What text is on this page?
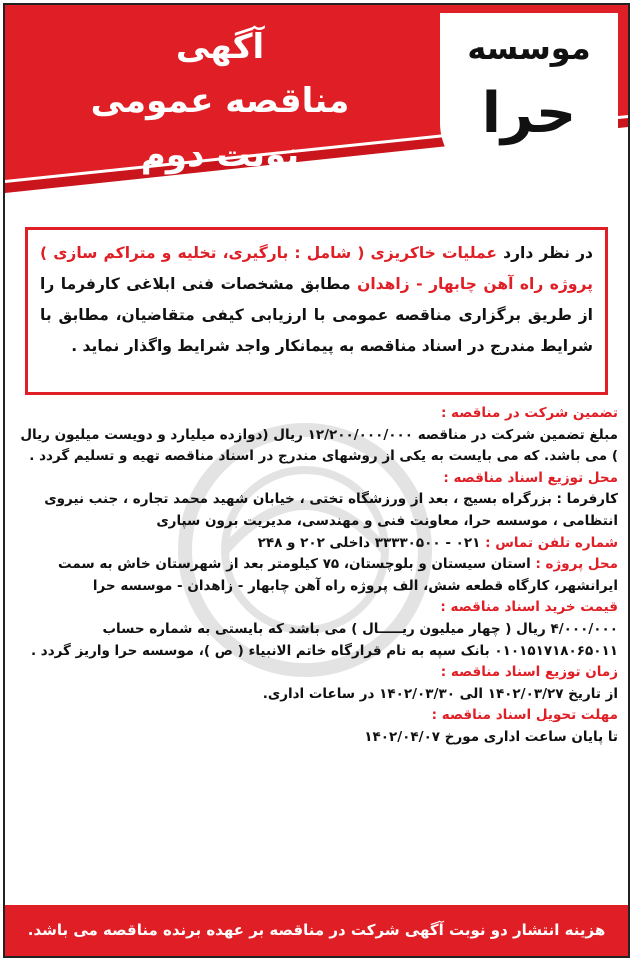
آگهی
مناقصه عمومی
نوبت دوم
موسسه
حرا
در نظر دارد عملیات خاکریزی ( شامل : بارگیری، تخلیه و متراکم سازی ) پروژه راه آهن چابهار - زاهدان مطابق مشخصات فنی ابلاغی کارفرما را از طریق برگزاری مناقصه عمومی با ارزیابی کیفی متقاضیان، مطابق با شرایط مندرج در اسناد مناقصه به پیمانکار واجد شرایط واگذار نماید .

تضمین شرکت در مناقصه :

مبلغ تضمین شرکت در مناقصه ۱۲/۲۰۰/۰۰۰/۰۰۰ ریال (دوازده میلیارد و دویست میلیون ریال ) می باشد. که می بایست به یکی از روشهای مندرج در اسناد مناقصه تهیه و تسلیم گردد .

محل توزیع اسناد مناقصه :

کارفرما : بزرگراه بسیج ، بعد از ورزشگاه تختی ، خیابان شهید محمد تجاره ، جنب نیروی انتظامی ، موسسه حرا، معاونت فنی و مهندسی، مدیریت برون سپاری

شماره تلفن تماس : ۰۲۱ - ۳۳۳۳۰۵۰۰ داخلی ۲۰۲ و ۲۴۸

محل پروژه : استان سیستان و بلوچستان، ۷۵ کیلومتر بعد از شهرستان خاش به سمت ایرانشهر، کارگاه قطعه شش، الف پروژه راه آهن چابهار - زاهدان - موسسه حرا

قیمت خرید اسناد مناقصه :

۴/۰۰۰/۰۰۰ ریال ( چهار میلیون ریـــــال ) می باشد که بایستی به شماره حساب ۰۱۰۱۵۱۷۱۸۰۶۵۰۱۱ بانک سپه به نام قرارگاه خاتم الانبیاء ( ص )، موسسه حرا واریز گردد .

زمان توزیع اسناد مناقصه :

از تاریخ ۱۴۰۲/۰۳/۲۷ الی ۱۴۰۲/۰۳/۳۰ در ساعات اداری.

مهلت تحویل اسناد مناقصه :

تا پایان ساعت اداری مورخ ۱۴۰۲/۰۴/۰۷

هزینه انتشار دو نوبت آگهی شرکت در مناقصه بر عهده برنده مناقصه می باشد.
